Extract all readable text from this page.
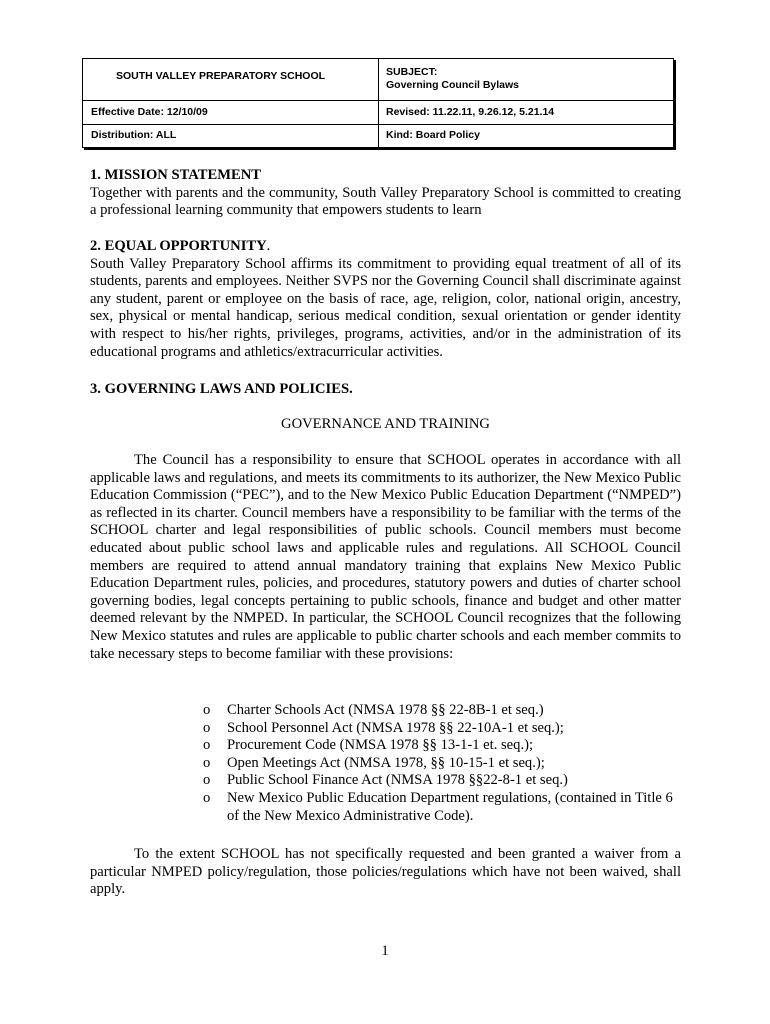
SOUTH VALLEY PREPARATORY SCHOOL	SUBJECT:
Governing Council Bylaws
Effective Date: 12/10/09	Revised: 11.22.11, 9.26.12, 5.21.14
Distribution: ALL	Kind: Board Policy
1. MISSION STATEMENT

Together with parents and the community, South Valley Preparatory School is committed to creating a professional learning community that empowers students to learn

2. EQUAL OPPORTUNITY.

South Valley Preparatory School affirms its commitment to providing equal treatment of all of its students, parents and employees. Neither SVPS nor the Governing Council shall discriminate against any student, parent or employee on the basis of race, age, religion, color, national origin, ancestry, sex, physical or mental handicap, serious medical condition, sexual orientation or gender identity with respect to his/her rights, privileges, programs, activities, and/or in the administration of its educational programs and athletics/extracurricular activities.

3. GOVERNING LAWS AND POLICIES.
GOVERNANCE AND TRAINING

The Council has a responsibility to ensure that SCHOOL operates in accordance with all applicable laws and regulations, and meets its commitments to its authorizer, the New Mexico Public Education Commission (“PEC”), and to the New Mexico Public Education Department (“NMPED”) as reflected in its charter. Council members have a responsibility to be familiar with the terms of the SCHOOL charter and legal responsibilities of public schools. Council members must become educated about public school laws and applicable rules and regulations. All SCHOOL Council members are required to attend annual mandatory training that explains New Mexico Public Education Department rules, policies, and procedures, statutory powers and duties of charter school governing bodies, legal concepts pertaining to public schools, finance and budget and other matter deemed relevant by the NMPED. In particular, the SCHOOL Council recognizes that the following New Mexico statutes and rules are applicable to public charter schools and each member commits to take necessary steps to become familiar with these provisions:

o Charter Schools Act (NMSA 1978 §§ 22-8B-1 et seq.)
o School Personnel Act (NMSA 1978 §§ 22-10A-1 et seq.);
o Procurement Code (NMSA 1978 §§ 13-1-1 et. seq.);
o Open Meetings Act (NMSA 1978, §§ 10-15-1 et seq.);
o Public School Finance Act (NMSA 1978 §§22-8-1 et seq.)
o New Mexico Public Education Department regulations, (contained in Title 6 of the New Mexico Administrative Code).

To the extent SCHOOL has not specifically requested and been granted a waiver from a particular NMPED policy/regulation, those policies/regulations which have not been waived, shall apply.

1
